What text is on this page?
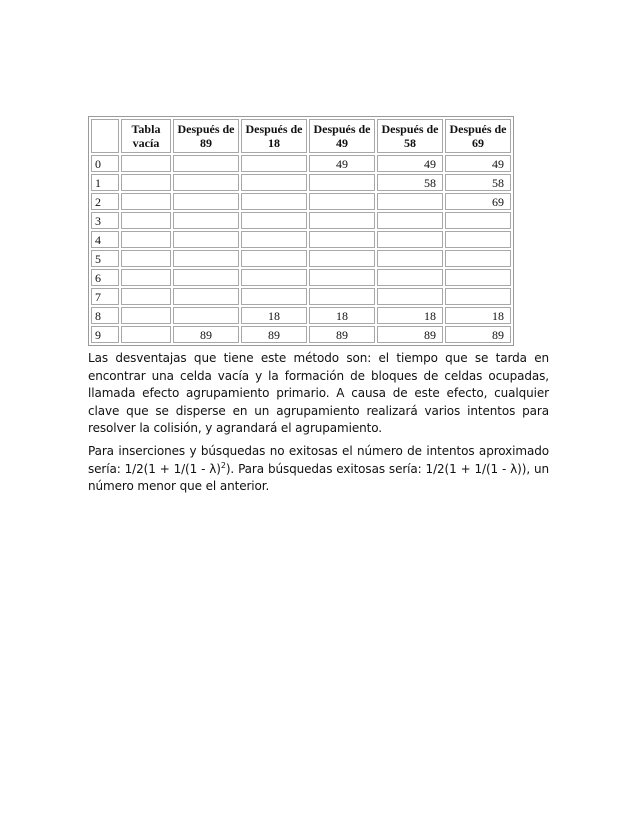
	Tabla vacía	Después de 89	Después de 18	Después de 49	Después de 58	Después de 69
0				49	49	49
1					58	58
2						69
3						
4						
5						
6						
7						
8			18	18	18	18
9		89	89	89	89	89

Las desventajas que tiene este método son: el tiempo que se tarda en encontrar una celda vacía y la formación de bloques de celdas ocupadas, llamada efecto agrupamiento primario. A causa de este efecto, cualquier clave que se disperse en un agrupamiento realizará varios intentos para resolver la colisión, y agrandará el agrupamiento.

Para inserciones y búsquedas no exitosas el número de intentos aproximado sería: 1/2(1 + 1/(1 - λ)$^2$). Para búsquedas exitosas sería: 1/2(1 + 1/(1 - λ)), un número menor que el anterior.
